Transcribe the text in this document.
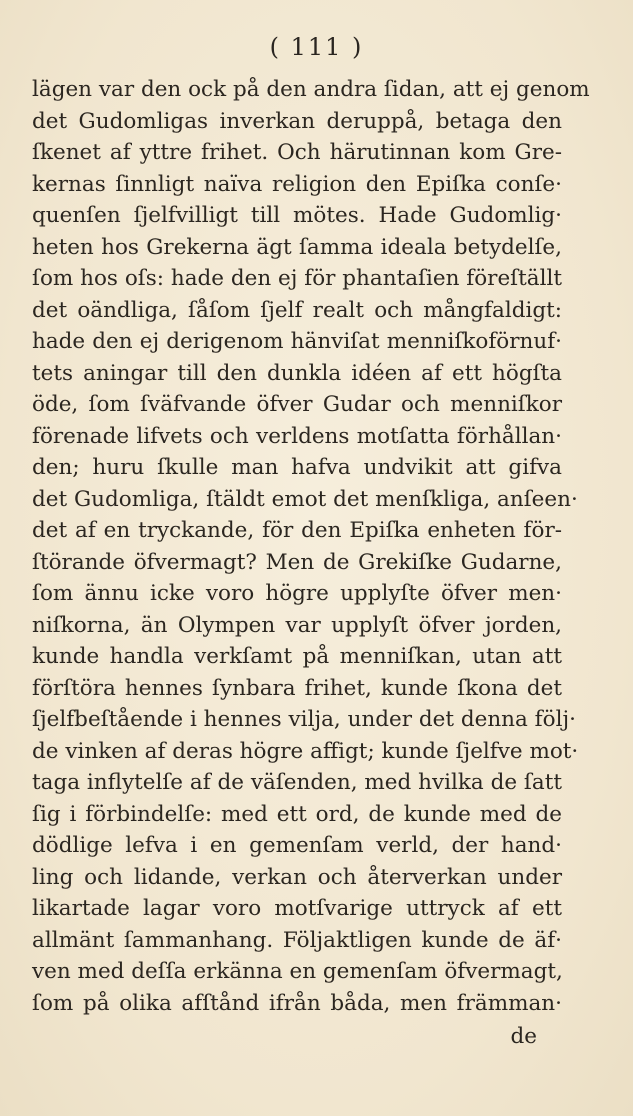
( 111 )
lägen var den ock på den andra ſidan, att ej genom
det Gudomligas inverkan deruppå, betaga den
ſkenet af yttre frihet. Och härutinnan kom Gre-
kernas ſinnligt naïva religion den Epiſka conſe·
quenſen ſjelfvilligt till mötes. Hade Gudomlig·
heten hos Grekerna ägt ſamma ideala betydelſe,
ſom hos oſs: hade den ej för phantaſien föreſtällt
det oändliga, ſåſom ſjelf realt och mångfaldigt:
hade den ej derigenom hänviſat menniſkoförnuf·
tets aningar till den dunkla idéen af ett högſta
öde, ſom ſväfvande öfver Gudar och menniſkor
förenade lifvets och verldens motſatta förhållan·
den; huru ſkulle man hafva undvikit att gifva
det Gudomliga, ſtäldt emot det menſkliga, anſeen·
det af en tryckande, för den Epiſka enheten för-
ſtörande öfvermagt? Men de Grekiſke Gudarne,
ſom ännu icke voro högre upplyſte öfver men·
niſkorna, än Olympen var upplyſt öfver jorden,
kunde handla verkſamt på menniſkan, utan att
förſtöra hennes ſynbara frihet, kunde ſkona det
ſjelfbeſtående i hennes vilja, under det denna följ·
de vinken af deras högre affigt; kunde ſjelfve mot·
taga inflytelſe af de väſenden, med hvilka de ſatt
ſig i förbindelſe: med ett ord, de kunde med de
dödlige lefva i en gemenſam verld, der hand·
ling och lidande, verkan och återverkan under
likartade lagar voro motſvarige uttryck af ett
allmänt ſammanhang. Följaktligen kunde de äf·
ven med deſſa erkänna en gemenſam öfvermagt,
ſom på olika afſtånd ifrån båda, men främman·
de
